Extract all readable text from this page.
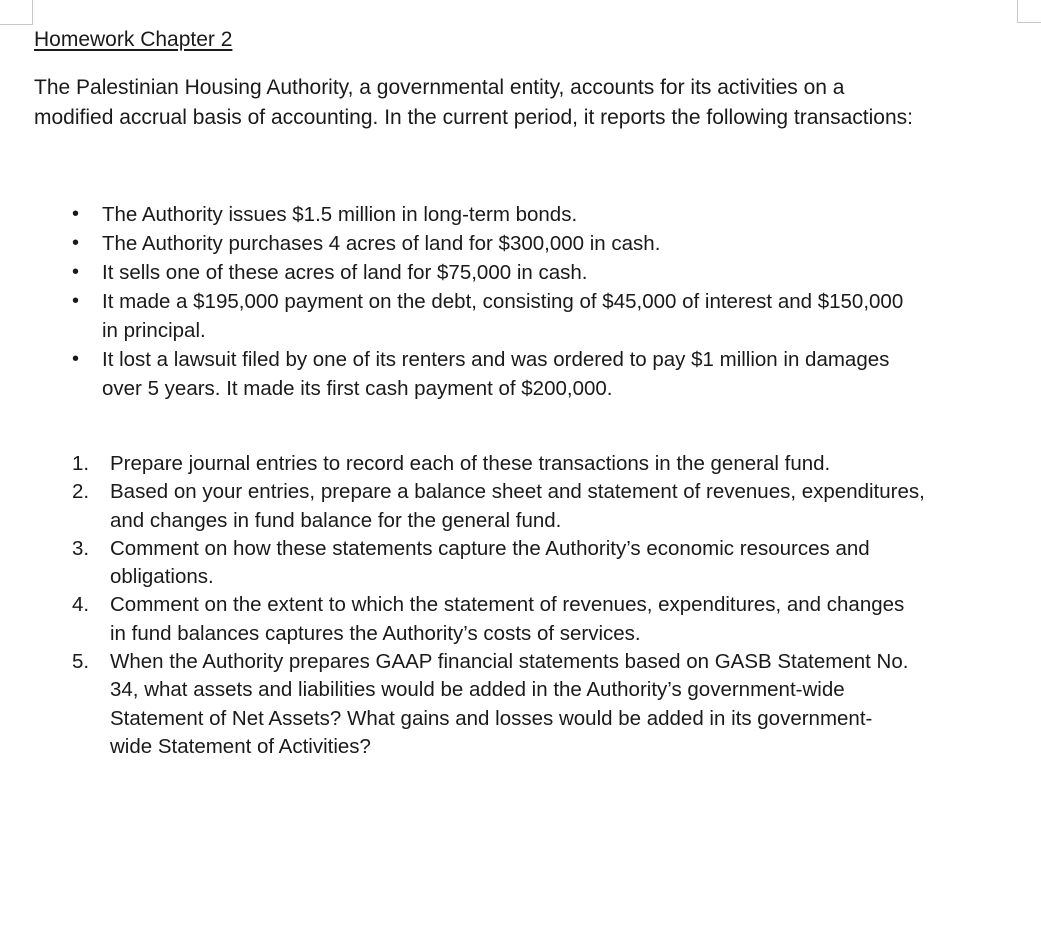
Homework Chapter 2

The Palestinian Housing Authority, a governmental entity, accounts for its activities on a

modified accrual basis of accounting. In the current period, it reports the following transactions:

• The Authority issues $1.5 million in long-term bonds.
• The Authority purchases 4 acres of land for $300,000 in cash.
• It sells one of these acres of land for $75,000 in cash.
• It made a $195,000 payment on the debt, consisting of $45,000 of interest and $150,000
in principal.
• It lost a lawsuit filed by one of its renters and was ordered to pay $1 million in damages
over 5 years. It made its first cash payment of $200,000.
1. Prepare journal entries to record each of these transactions in the general fund.
2. Based on your entries, prepare a balance sheet and statement of revenues, expenditures,
and changes in fund balance for the general fund.
3. Comment on how these statements capture the Authority’s economic resources and
obligations.
4. Comment on the extent to which the statement of revenues, expenditures, and changes
in fund balances captures the Authority’s costs of services.
5. When the Authority prepares GAAP financial statements based on GASB Statement No.
34, what assets and liabilities would be added in the Authority’s government-wide
Statement of Net Assets? What gains and losses would be added in its government-
wide Statement of Activities?
